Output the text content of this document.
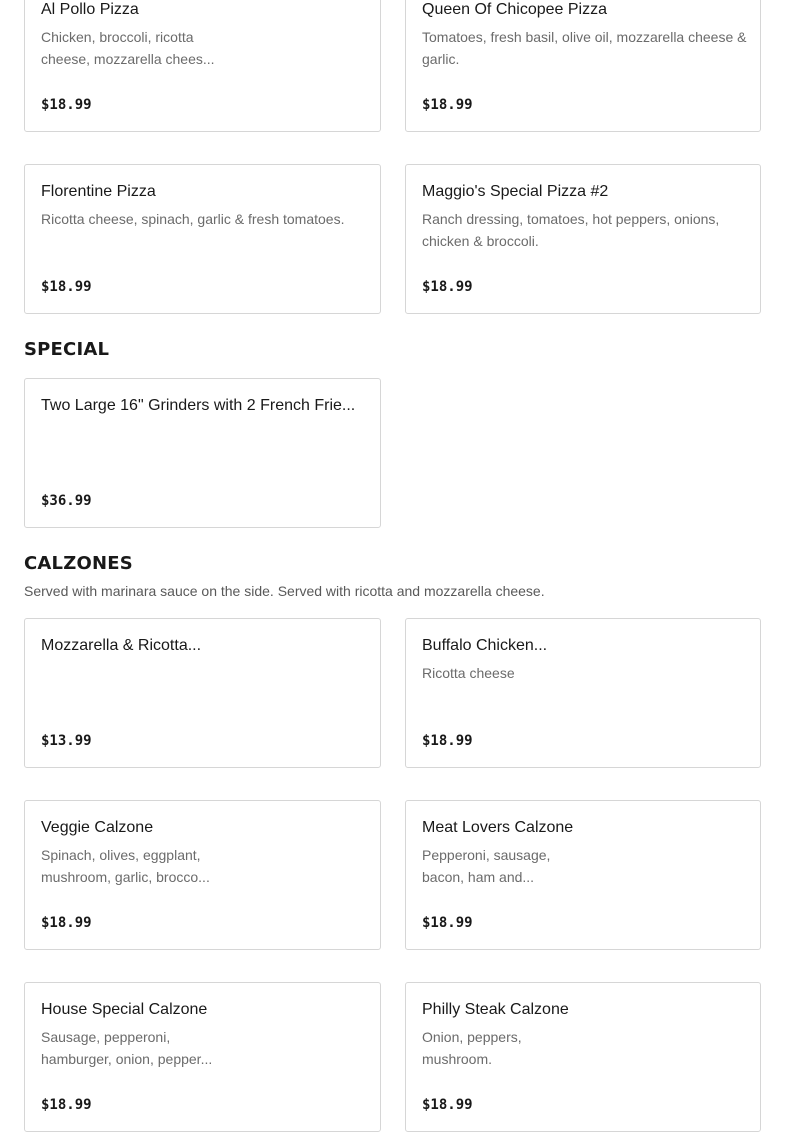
Al Pollo Pizza
Chicken, broccoli, ricotta cheese, mozzarella chees...
$18.99
Queen Of Chicopee Pizza
Tomatoes, fresh basil, olive oil, mozzarella cheese & garlic.
$18.99
Florentine Pizza
Ricotta cheese, spinach, garlic & fresh tomatoes.
$18.99
Maggio's Special Pizza #2
Ranch dressing, tomatoes, hot peppers, onions, chicken & broccoli.
$18.99
SPECIAL
Two Large 16" Grinders with 2 French Frie...
$36.99
CALZONES

Served with marinara sauce on the side. Served with ricotta and mozzarella cheese.

Mozzarella & Ricotta...
$13.99
Buffalo Chicken...
Ricotta cheese
$18.99
Veggie Calzone
Spinach, olives, eggplant, mushroom, garlic, brocco...
$18.99
Meat Lovers Calzone
Pepperoni, sausage, bacon, ham and...
$18.99
House Special Calzone
Sausage, pepperoni, hamburger, onion, pepper...
$18.99
Philly Steak Calzone
Onion, peppers, mushroom.
$18.99
